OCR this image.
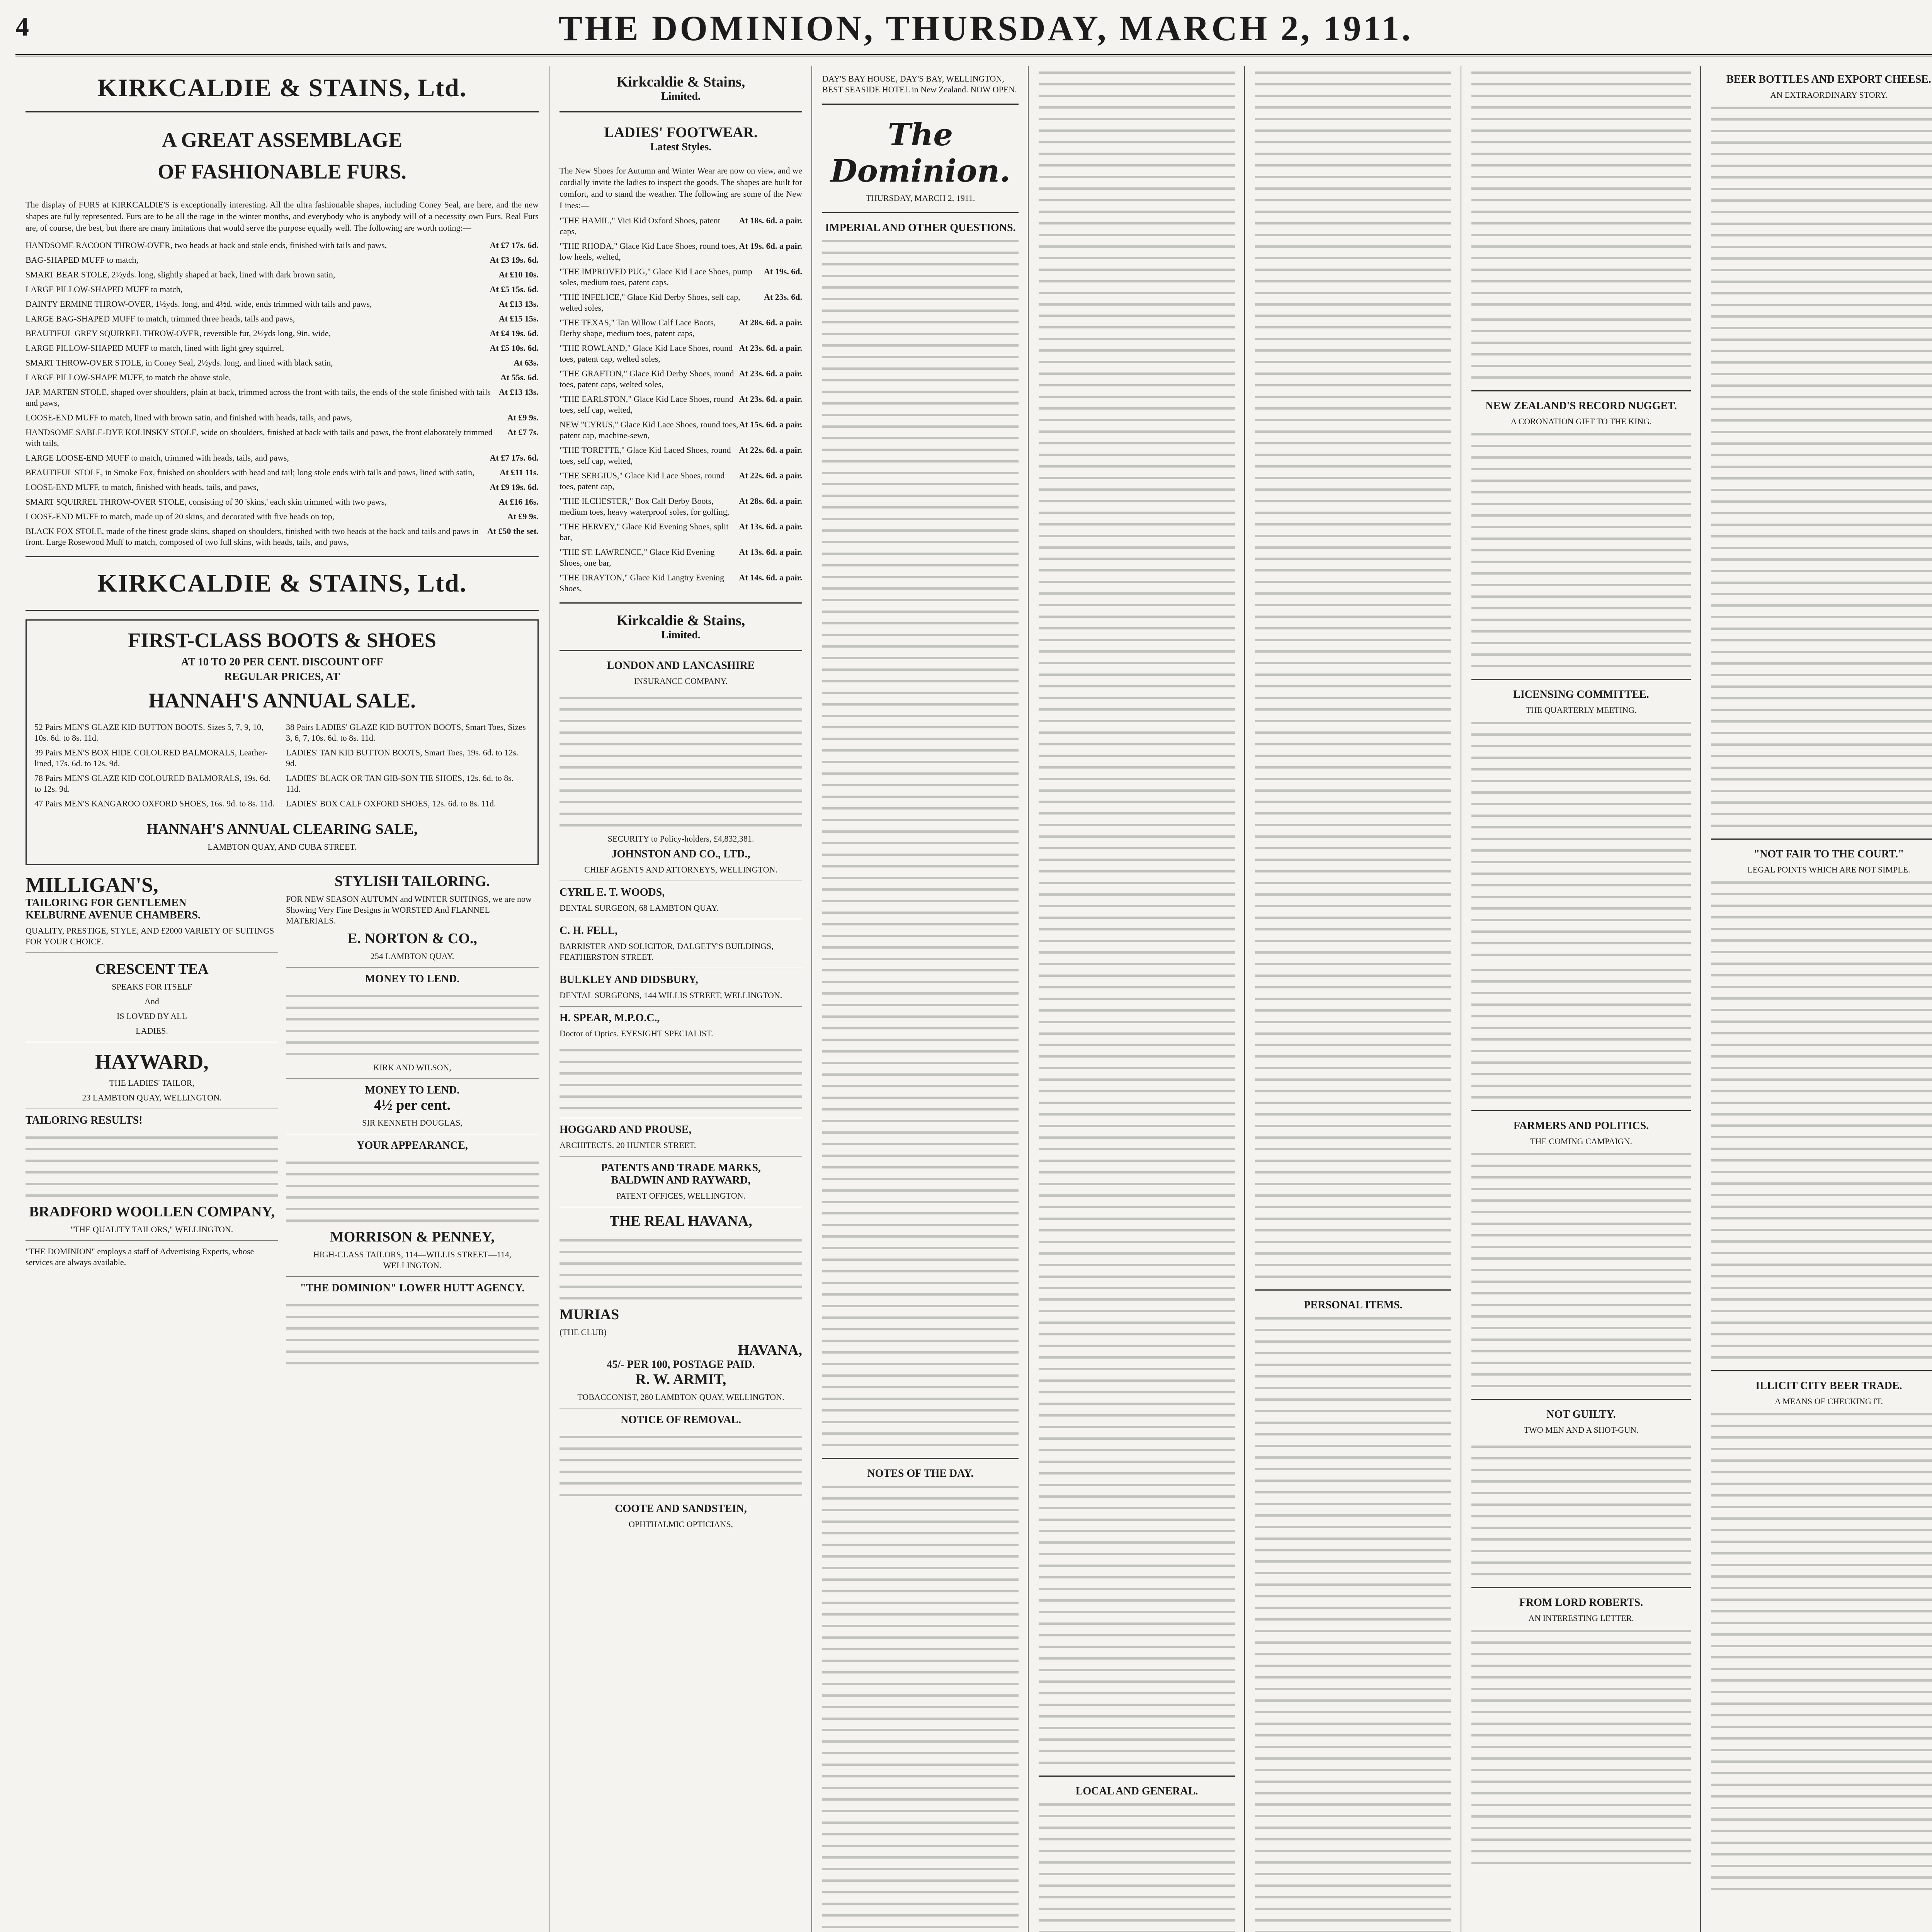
4	THE DOMINION, THURSDAY, MARCH 2, 1911.
KIRKCALDIE & STAINS, Ltd.
A GREAT ASSEMBLAGE
OF FASHIONABLE FURS.
The display of FURS at KIRKCALDIE'S is exceptionally interesting. All the ultra fashionable shapes, including Coney Seal, are here, and the new shapes are fully represented. Furs are to be all the rage in the winter months, and everybody who is anybody will of a necessity own Furs. Real Furs are, of course, the best, but there are many imitations that would serve the purpose equally well. The following are worth noting:—
At £7 17s. 6d.
HANDSOME RACOON THROW-OVER, two heads at back and stole ends, finished with tails and paws,
At £3 19s. 6d.
BAG-SHAPED MUFF to match,
At £10 10s.
SMART BEAR STOLE, 2½yds. long, slightly shaped at back, lined with dark brown satin,
At £5 15s. 6d.
LARGE PILLOW-SHAPED MUFF to match,
At £13 13s.
DAINTY ERMINE THROW-OVER, 1½yds. long, and 4½d. wide, ends trimmed with tails and paws,
At £15 15s.
LARGE BAG-SHAPED MUFF to match, trimmed three heads, tails and paws,
At £4 19s. 6d.
BEAUTIFUL GREY SQUIRREL THROW-OVER, reversible fur, 2½yds long, 9in. wide,
At £5 10s. 6d.
LARGE PILLOW-SHAPED MUFF to match, lined with light grey squirrel,
At 63s.
SMART THROW-OVER STOLE, in Coney Seal, 2½yds. long, and lined with black satin,
At 55s. 6d.
LARGE PILLOW-SHAPE MUFF, to match the above stole,
At £13 13s.
JAP. MARTEN STOLE, shaped over shoulders, plain at back, trimmed across the front with tails, the ends of the stole finished with tails and paws,
At £9 9s.
LOOSE-END MUFF to match, lined with brown satin, and finished with heads, tails, and paws,
At £7 7s.
HANDSOME SABLE-DYE KOLINSKY STOLE, wide on shoulders, finished at back with tails and paws, the front elaborately trimmed with tails,
At £7 17s. 6d.
LARGE LOOSE-END MUFF to match, trimmed with heads, tails, and paws,
At £11 11s.
BEAUTIFUL STOLE, in Smoke Fox, finished on shoulders with head and tail; long stole ends with tails and paws, lined with satin,
At £9 19s. 6d.
LOOSE-END MUFF, to match, finished with heads, tails, and paws,
At £16 16s.
SMART SQUIRREL THROW-OVER STOLE, consisting of 30 'skins,' each skin trimmed with two paws,
At £9 9s.
LOOSE-END MUFF to match, made up of 20 skins, and decorated with five heads on top,
At £50 the set.
BLACK FOX STOLE, made of the finest grade skins, shaped on shoulders, finished with two heads at the back and tails and paws in front. Large Rosewood Muff to match, composed of two full skins, with heads, tails, and paws,
KIRKCALDIE & STAINS, Ltd.
FIRST-CLASS BOOTS & SHOES
AT 10 TO 20 PER CENT. DISCOUNT OFF
REGULAR PRICES, AT
HANNAH'S ANNUAL SALE.
52 Pairs MEN'S GLAZE KID BUTTON BOOTS. Sizes 5, 7, 9, 10, 10s. 6d. to 8s. 11d.
39 Pairs MEN'S BOX HIDE COLOURED BALMORALS, Leather-lined, 17s. 6d. to 12s. 9d.
78 Pairs MEN'S GLAZE KID COLOURED BALMORALS, 19s. 6d. to 12s. 9d.
47 Pairs MEN'S KANGAROO OXFORD SHOES, 16s. 9d. to 8s. 11d.
38 Pairs LADIES' GLAZE KID BUTTON BOOTS, Smart Toes, Sizes 3, 6, 7, 10s. 6d. to 8s. 11d.
LADIES' TAN KID BUTTON BOOTS, Smart Toes, 19s. 6d. to 12s. 9d.
LADIES' BLACK OR TAN GIB-SON TIE SHOES, 12s. 6d. to 8s. 11d.
LADIES' BOX CALF OXFORD SHOES, 12s. 6d. to 8s. 11d.
HANNAH'S ANNUAL CLEARING SALE,
LAMBTON QUAY, AND CUBA STREET.
MILLIGAN'S,
TAILORING FOR GENTLEMEN
KELBURNE AVENUE CHAMBERS.
QUALITY, PRESTIGE, STYLE, AND £2000 VARIETY OF SUITINGS FOR YOUR CHOICE.
CRESCENT TEA
SPEAKS FOR ITSELF
And
IS LOVED BY ALL
LADIES.
HAYWARD,
THE LADIES' TAILOR,
23 LAMBTON QUAY, WELLINGTON.
TAILORING RESULTS!
BRADFORD WOOLLEN COMPANY,
"THE QUALITY TAILORS," WELLINGTON.
"THE DOMINION" employs a staff of Advertising Experts, whose services are always available.
STYLISH TAILORING.
FOR NEW SEASON AUTUMN and WINTER SUITINGS, we are now Showing Very Fine Designs in WORSTED And FLANNEL MATERIALS.
E. NORTON & CO.,
254 LAMBTON QUAY.
MONEY TO LEND.
KIRK AND WILSON,
MONEY TO LEND.
4½ per cent.
SIR KENNETH DOUGLAS,
YOUR APPEARANCE,
MORRISON & PENNEY,
HIGH-CLASS TAILORS, 114—WILLIS STREET—114, WELLINGTON.
"THE DOMINION" LOWER HUTT AGENCY.
Kirkcaldie & Stains,
Limited.
LADIES' FOOTWEAR.
Latest Styles.
The New Shoes for Autumn and Winter Wear are now on view, and we cordially invite the ladies to inspect the goods. The shapes are built for comfort, and to stand the weather. The following are some of the New Lines:—
At 18s. 6d. a pair.
"THE HAMIL," Vici Kid Oxford Shoes, patent caps,
At 19s. 6d. a pair.
"THE RHODA," Glace Kid Lace Shoes, round toes, low heels, welted,
At 19s. 6d.
"THE IMPROVED PUG," Glace Kid Lace Shoes, pump soles, medium toes, patent caps,
At 23s. 6d.
"THE INFELICE," Glace Kid Derby Shoes, self cap, welted soles,
At 28s. 6d. a pair.
"THE TEXAS," Tan Willow Calf Lace Boots, Derby shape, medium toes, patent caps,
At 23s. 6d. a pair.
"THE ROWLAND," Glace Kid Lace Shoes, round toes, patent cap, welted soles,
At 23s. 6d. a pair.
"THE GRAFTON," Glace Kid Derby Shoes, round toes, patent caps, welted soles,
At 23s. 6d. a pair.
"THE EARLSTON," Glace Kid Lace Shoes, round toes, self cap, welted,
At 15s. 6d. a pair.
NEW "CYRUS," Glace Kid Lace Shoes, round toes, patent cap, machine-sewn,
At 22s. 6d. a pair.
"THE TORETTE," Glace Kid Laced Shoes, round toes, self cap, welted,
At 22s. 6d. a pair.
"THE SERGIUS," Glace Kid Lace Shoes, round toes, patent cap,
At 28s. 6d. a pair.
"THE ILCHESTER," Box Calf Derby Boots, medium toes, heavy waterproof soles, for golfing,
At 13s. 6d. a pair.
"THE HERVEY," Glace Kid Evening Shoes, split bar,
At 13s. 6d. a pair.
"THE ST. LAWRENCE," Glace Kid Evening Shoes, one bar,
At 14s. 6d. a pair.
"THE DRAYTON," Glace Kid Langtry Evening Shoes,
Kirkcaldie & Stains,
Limited.
LONDON AND LANCASHIRE
INSURANCE COMPANY.
SECURITY to Policy-holders, £4,832,381.
JOHNSTON AND CO., LTD.,
CHIEF AGENTS AND ATTORNEYS, WELLINGTON.
CYRIL E. T. WOODS,
DENTAL SURGEON, 68 LAMBTON QUAY.
C. H. FELL,
BARRISTER AND SOLICITOR, DALGETY'S BUILDINGS, FEATHERSTON STREET.
BULKLEY AND DIDSBURY,
DENTAL SURGEONS, 144 WILLIS STREET, WELLINGTON.
H. SPEAR, M.P.O.C.,
Doctor of Optics. EYESIGHT SPECIALIST.
HOGGARD AND PROUSE,
ARCHITECTS, 20 HUNTER STREET.
PATENTS AND TRADE MARKS,
BALDWIN AND RAYWARD,
PATENT OFFICES, WELLINGTON.
THE REAL HAVANA,
MURIAS
(THE CLUB)
HAVANA,
45/- PER 100, POSTAGE PAID.
R. W. ARMIT,
TOBACCONIST, 280 LAMBTON QUAY, WELLINGTON.
NOTICE OF REMOVAL.
COOTE AND SANDSTEIN,
OPHTHALMIC OPTICIANS,
DAY'S BAY HOUSE, DAY'S BAY, WELLINGTON, BEST SEASIDE HOTEL in New Zealand. NOW OPEN.
The Dominion.
THURSDAY, MARCH 2, 1911.
IMPERIAL AND OTHER QUESTIONS.
NOTES OF THE DAY.
LOCAL AND GENERAL.
PERSONAL ITEMS.
NEW ZEALAND'S RECORD NUGGET.
A CORONATION GIFT TO THE KING.
LICENSING COMMITTEE.
THE QUARTERLY MEETING.
FARMERS AND POLITICS.
THE COMING CAMPAIGN.
NOT GUILTY.
TWO MEN AND A SHOT-GUN.
FROM LORD ROBERTS.
AN INTERESTING LETTER.
BEER BOTTLES AND EXPORT CHEESE.
AN EXTRAORDINARY STORY.
"NOT FAIR TO THE COURT."
LEGAL POINTS WHICH ARE NOT SIMPLE.
ILLICIT CITY BEER TRADE.
A MEANS OF CHECKING IT.
